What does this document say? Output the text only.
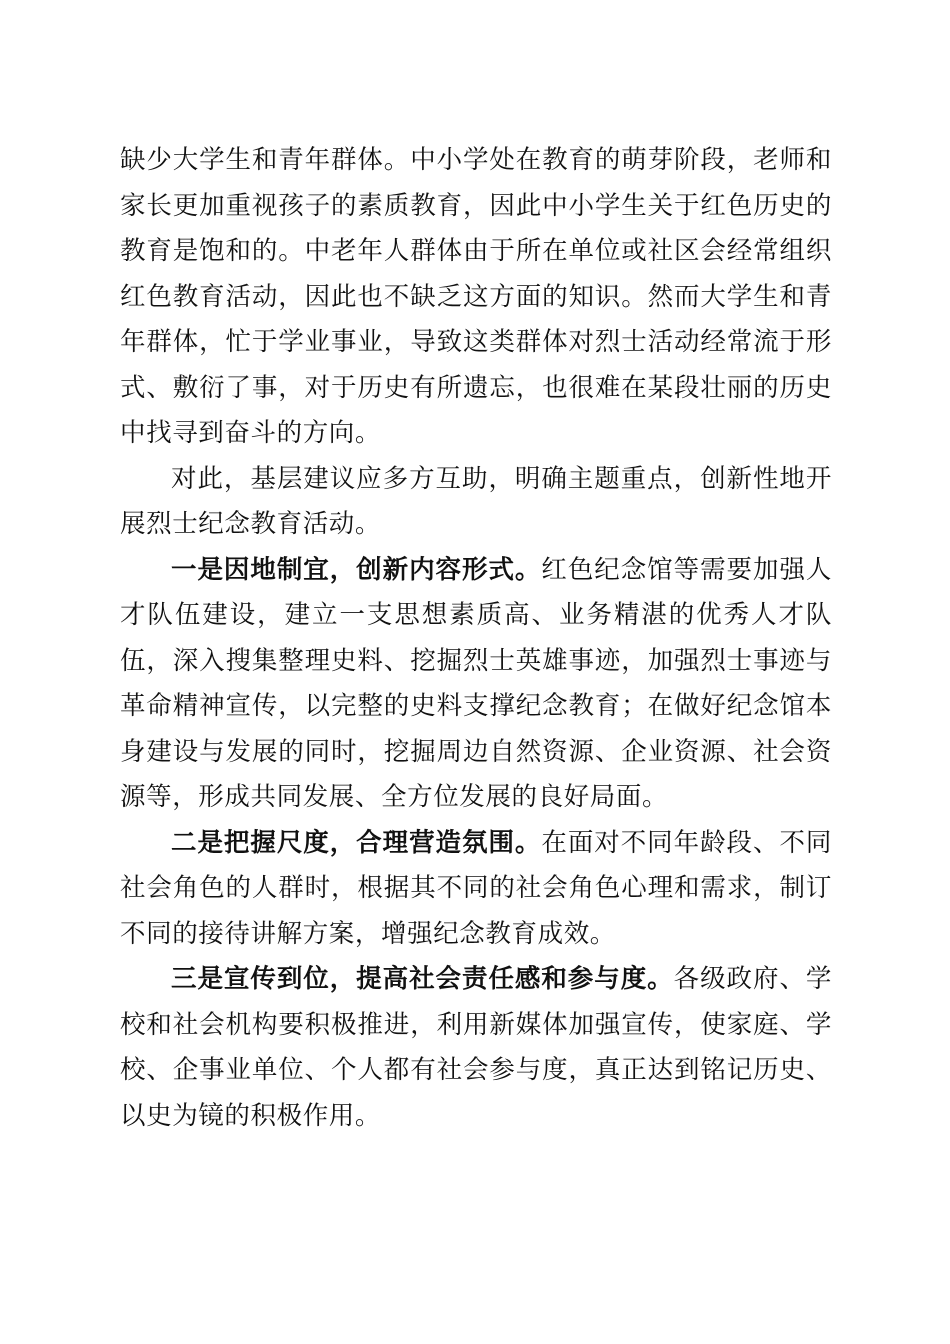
缺少大学生和青年群体。中小学处在教育的萌芽阶段，老师和家长更加重视孩子的素质教育，因此中小学生关于红色历史的教育是饱和的。中老年人群体由于所在单位或社区会经常组织红色教育活动，因此也不缺乏这方面的知识。然而大学生和青年群体，忙于学业事业，导致这类群体对烈士活动经常流于形式、敷衍了事，对于历史有所遗忘，也很难在某段壮丽的历史中找寻到奋斗的方向。

对此，基层建议应多方互助，明确主题重点，创新性地开展烈士纪念教育活动。

一是因地制宜，创新内容形式。红色纪念馆等需要加强人才队伍建设，建立一支思想素质高、业务精湛的优秀人才队伍，深入搜集整理史料、挖掘烈士英雄事迹，加强烈士事迹与革命精神宣传，以完整的史料支撑纪念教育；在做好纪念馆本身建设与发展的同时，挖掘周边自然资源、企业资源、社会资源等，形成共同发展、全方位发展的良好局面。

二是把握尺度，合理营造氛围。在面对不同年龄段、不同社会角色的人群时，根据其不同的社会角色心理和需求，制订不同的接待讲解方案，增强纪念教育成效。

三是宣传到位，提高社会责任感和参与度。各级政府、学校和社会机构要积极推进，利用新媒体加强宣传，使家庭、学校、企事业单位、个人都有社会参与度，真正达到铭记历史、以史为镜的积极作用。
